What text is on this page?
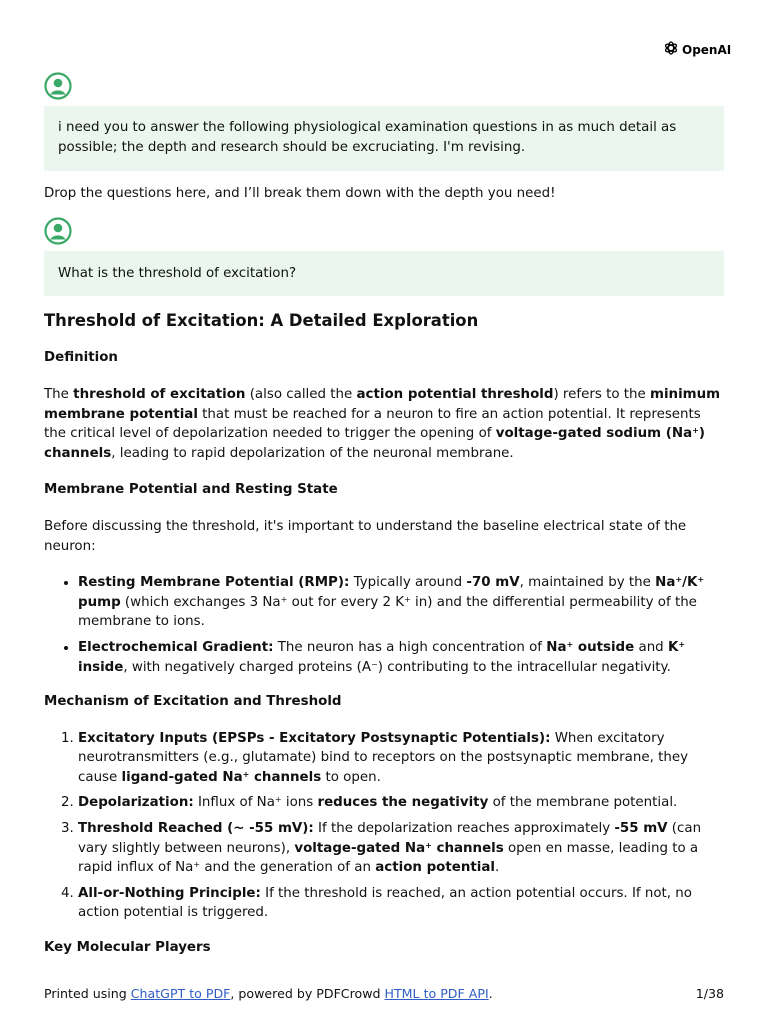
OpenAI
i need you to answer the following physiological examination questions in as much detail as possible; the depth and research should be excruciating. I'm revising.

Drop the questions here, and I’ll break them down with the depth you need!

What is the threshold of excitation?
Threshold of Excitation: A Detailed Exploration
Definition

The threshold of excitation (also called the action potential threshold) refers to the minimum membrane potential that must be reached for a neuron to fire an action potential. It represents the critical level of depolarization needed to trigger the opening of voltage-gated sodium (Na+) channels, leading to rapid depolarization of the neuronal membrane.

Membrane Potential and Resting State

Before discussing the threshold, it's important to understand the baseline electrical state of the neuron:

• Resting Membrane Potential (RMP): Typically around -70 mV, maintained by the Na+/K+ pump (which exchanges 3 Na+ out for every 2 K+ in) and the differential permeability of the membrane to ions.
• Electrochemical Gradient: The neuron has a high concentration of Na+ outside and K+ inside, with negatively charged proteins (A−) contributing to the intracellular negativity.
Mechanism of Excitation and Threshold
1. Excitatory Inputs (EPSPs - Excitatory Postsynaptic Potentials): When excitatory neurotransmitters (e.g., glutamate) bind to receptors on the postsynaptic membrane, they cause ligand-gated Na+ channels to open.
2. Depolarization: Influx of Na+ ions reduces the negativity of the membrane potential.
3. Threshold Reached (~ -55 mV): If the depolarization reaches approximately -55 mV (can vary slightly between neurons), voltage-gated Na+ channels open en masse, leading to a rapid influx of Na+ and the generation of an action potential.
4. All-or-Nothing Principle: If the threshold is reached, an action potential occurs. If not, no action potential is triggered.
Key Molecular Players
Printed using ChatGPT to PDF, powered by PDFCrowd HTML to PDF API.	1/38
